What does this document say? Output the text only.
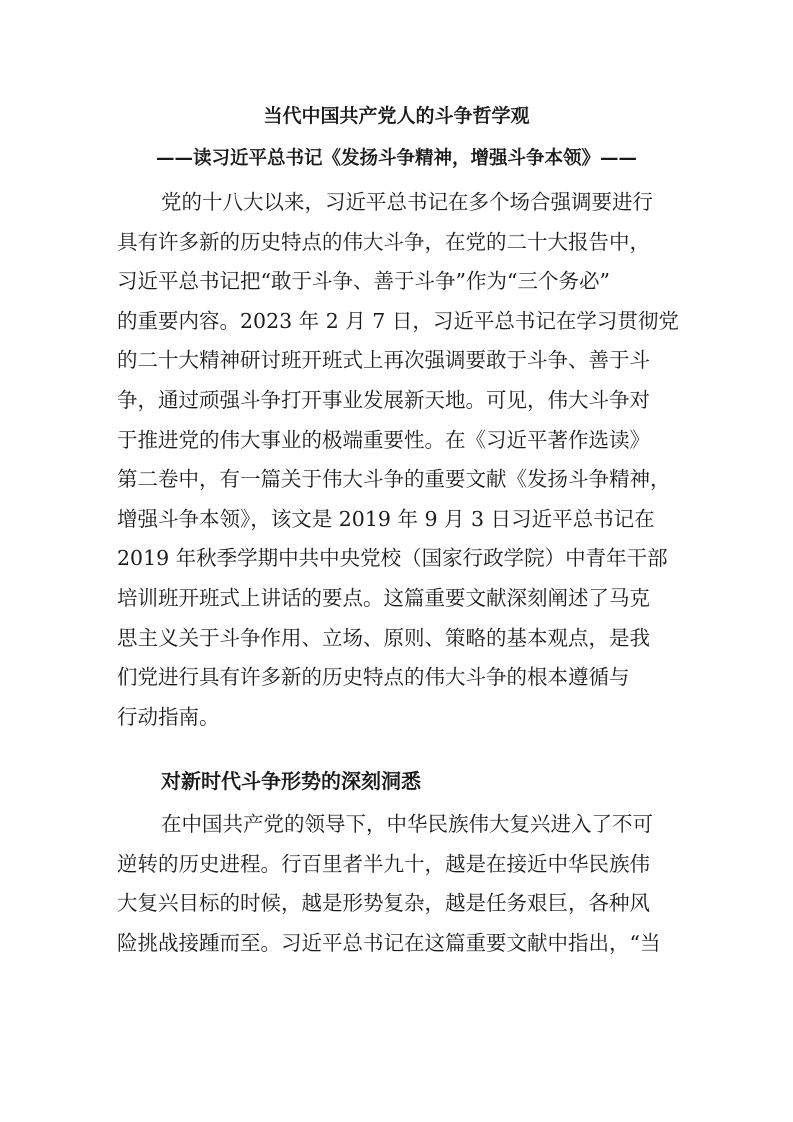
当代中国共产党人的斗争哲学观
——读习近平总书记《发扬斗争精神，增强斗争本领》——
党的十八大以来，习近平总书记在多个场合强调要进行
具有许多新的历史特点的伟大斗争，在党的二十大报告中，
习近平总书记把“敢于斗争、善于斗争”作为“三个务必”
的重要内容。2023 年 2 月 7 日，习近平总书记在学习贯彻党
的二十大精神研讨班开班式上再次强调要敢于斗争、善于斗
争，通过顽强斗争打开事业发展新天地。可见，伟大斗争对
于推进党的伟大事业的极端重要性。在《习近平著作选读》
第二卷中，有一篇关于伟大斗争的重要文献《发扬斗争精神，
增强斗争本领》，该文是 2019 年 9 月 3 日习近平总书记在
2019 年秋季学期中共中央党校（国家行政学院）中青年干部
培训班开班式上讲话的要点。这篇重要文献深刻阐述了马克
思主义关于斗争作用、立场、原则、策略的基本观点，是我
们党进行具有许多新的历史特点的伟大斗争的根本遵循与
行动指南。
对新时代斗争形势的深刻洞悉
在中国共产党的领导下，中华民族伟大复兴进入了不可
逆转的历史进程。行百里者半九十，越是在接近中华民族伟
大复兴目标的时候，越是形势复杂，越是任务艰巨，各种风
险挑战接踵而至。习近平总书记在这篇重要文献中指出，“当
